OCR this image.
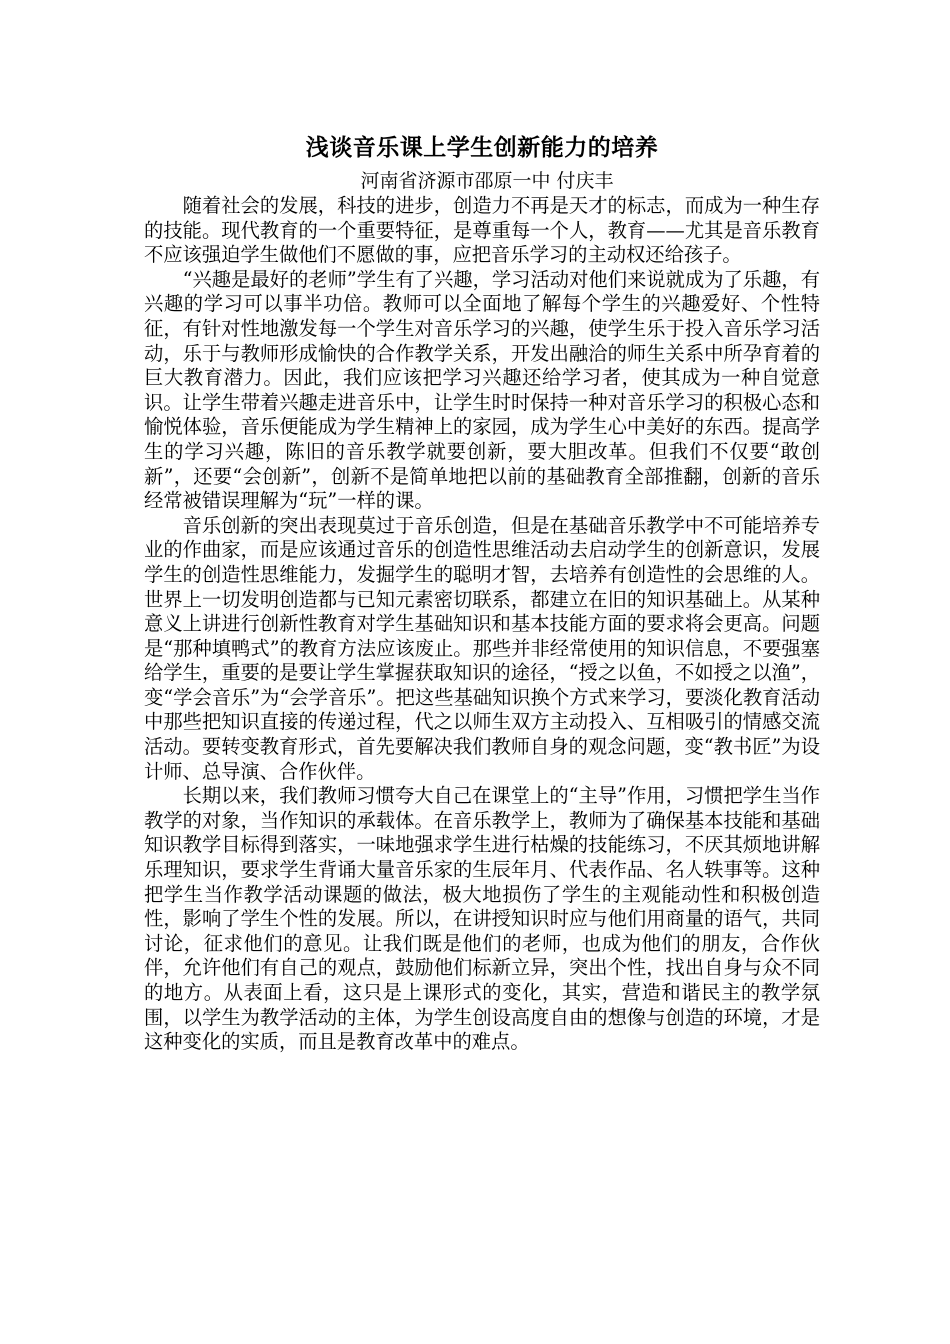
浅谈音乐课上学生创新能力的培养

河南省济源市邵原一中 付庆丰

随着社会的发展，科技的进步，创造力不再是天才的标志，而成为一种生存的技能。现代教育的一个重要特征，是尊重每一个人，教育——尤其是音乐教育不应该强迫学生做他们不愿做的事，应把音乐学习的主动权还给孩子。

“兴趣是最好的老师”学生有了兴趣，学习活动对他们来说就成为了乐趣，有兴趣的学习可以事半功倍。教师可以全面地了解每个学生的兴趣爱好、个性特征，有针对性地激发每一个学生对音乐学习的兴趣，使学生乐于投入音乐学习活动，乐于与教师形成愉快的合作教学关系，开发出融洽的师生关系中所孕育着的巨大教育潜力。因此，我们应该把学习兴趣还给学习者，使其成为一种自觉意识。让学生带着兴趣走进音乐中，让学生时时保持一种对音乐学习的积极心态和愉悦体验，音乐便能成为学生精神上的家园，成为学生心中美好的东西。提高学生的学习兴趣，陈旧的音乐教学就要创新，要大胆改革。但我们不仅要“敢创新”，还要“会创新”，创新不是简单地把以前的基础教育全部推翻，创新的音乐经常被错误理解为“玩”一样的课。

音乐创新的突出表现莫过于音乐创造，但是在基础音乐教学中不可能培养专业的作曲家，而是应该通过音乐的创造性思维活动去启动学生的创新意识，发展学生的创造性思维能力，发掘学生的聪明才智，去培养有创造性的会思维的人。世界上一切发明创造都与已知元素密切联系，都建立在旧的知识基础上。从某种意义上讲进行创新性教育对学生基础知识和基本技能方面的要求将会更高。问题是“那种填鸭式”的教育方法应该废止。那些并非经常使用的知识信息，不要强塞给学生，重要的是要让学生掌握获取知识的途径，“授之以鱼，不如授之以渔”，变“学会音乐”为“会学音乐”。把这些基础知识换个方式来学习，要淡化教育活动中那些把知识直接的传递过程，代之以师生双方主动投入、互相吸引的情感交流活动。要转变教育形式，首先要解决我们教师自身的观念问题，变“教书匠”为设计师、总导演、合作伙伴。

长期以来，我们教师习惯夸大自己在课堂上的“主导”作用，习惯把学生当作教学的对象，当作知识的承载体。在音乐教学上，教师为了确保基本技能和基础知识教学目标得到落实，一味地强求学生进行枯燥的技能练习，不厌其烦地讲解乐理知识，要求学生背诵大量音乐家的生辰年月、代表作品、名人轶事等。这种把学生当作教学活动课题的做法，极大地损伤了学生的主观能动性和积极创造性，影响了学生个性的发展。所以，在讲授知识时应与他们用商量的语气，共同讨论，征求他们的意见。让我们既是他们的老师，也成为他们的朋友，合作伙伴，允许他们有自己的观点，鼓励他们标新立异，突出个性，找出自身与众不同的地方。从表面上看，这只是上课形式的变化，其实，营造和谐民主的教学氛围，以学生为教学活动的主体，为学生创设高度自由的想像与创造的环境，才是这种变化的实质，而且是教育改革中的难点。
